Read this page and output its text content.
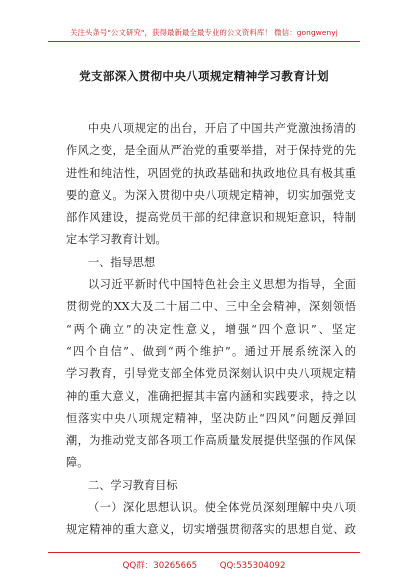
关注头条号"公文研究"，获得最新最全最专业的公文资料库！ 微信：gongwenyj
党支部深入贯彻中央八项规定精神学习教育计划
中央八项规定的出台，开启了中国共产党激浊扬清的
作风之变，是全面从严治党的重要举措，对于保持党的先
进性和纯洁性，巩固党的执政基础和执政地位具有极其重
要的意义。为深入贯彻中央八项规定精神，切实加强党支
部作风建设，提高党员干部的纪律意识和规矩意识，特制
定本学习教育计划。
一、指导思想
以习近平新时代中国特色社会主义思想为指导，全面
贯彻党的XX大及二十届二中、三中全会精神，深刻领悟
“两个确立”的决定性意义，增强“四个意识”、坚定
“四个自信”、做到“两个维护”。通过开展系统深入的
学习教育，引导党支部全体党员深刻认识中央八项规定精
神的重大意义，准确把握其丰富内涵和实践要求，持之以
恒落实中央八项规定精神，坚决防止“四风”问题反弹回
潮，为推动党支部各项工作高质量发展提供坚强的作风保
障。
二、学习教育目标
（一）深化思想认识。使全体党员深刻理解中央八项
规定精神的重大意义，切实增强贯彻落实的思想自觉、政
QQ群：30265665	QQ:535304092
